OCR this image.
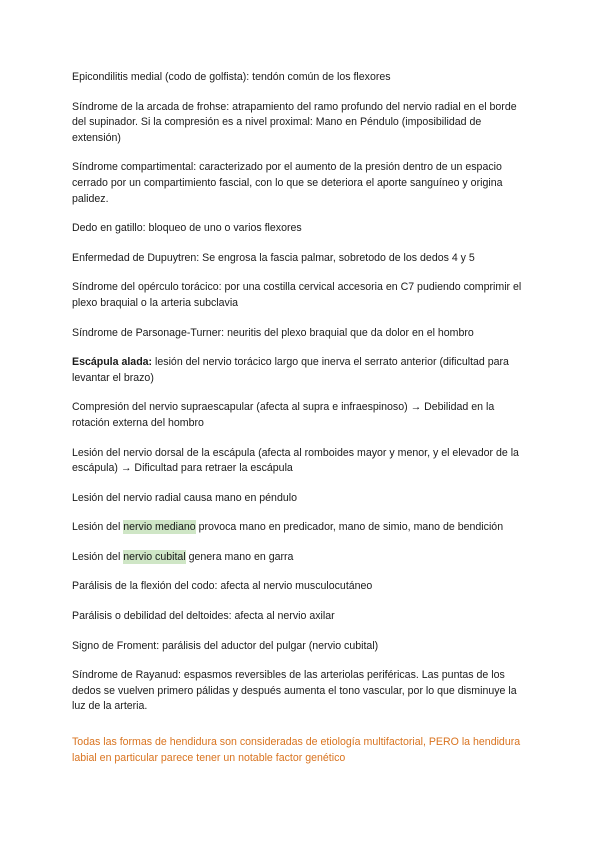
Epicondilitis medial (codo de golfista): tendón común de los flexores

Síndrome de la arcada de frohse: atrapamiento del ramo profundo del nervio radial en el borde del supinador. Si la compresión es a nivel proximal: Mano en Péndulo (imposibilidad de extensión)

Síndrome compartimental: caracterizado por el aumento de la presión dentro de un espacio cerrado por un compartimiento fascial, con lo que se deteriora el aporte sanguíneo y origina palidez.

Dedo en gatillo: bloqueo de uno o varios flexores

Enfermedad de Dupuytren: Se engrosa la fascia palmar, sobretodo de los dedos 4 y 5

Síndrome del opérculo torácico: por una costilla cervical accesoria en C7 pudiendo comprimir el plexo braquial o la arteria subclavia

Síndrome de Parsonage-Turner: neuritis del plexo braquial que da dolor en el hombro

Escápula alada: lesión del nervio torácico largo que inerva el serrato anterior (dificultad para levantar el brazo)

Compresión del nervio supraescapular (afecta al supra e infraespinoso) → Debilidad en la rotación externa del hombro

Lesión del nervio dorsal de la escápula (afecta al romboides mayor y menor, y el elevador de la escápula) → Dificultad para retraer la escápula

Lesión del nervio radial causa mano en péndulo

Lesión del nervio mediano provoca mano en predicador, mano de simio, mano de bendición

Lesión del nervio cubital genera mano en garra

Parálisis de la flexión del codo: afecta al nervio musculocutáneo

Parálisis o debilidad del deltoides: afecta al nervio axilar

Signo de Froment: parálisis del aductor del pulgar (nervio cubital)

Síndrome de Rayanud: espasmos reversibles de las arteriolas periféricas. Las puntas de los dedos se vuelven primero pálidas y después aumenta el tono vascular, por lo que disminuye la luz de la arteria.

Todas las formas de hendidura son consideradas de etiología multifactorial, PERO la hendidura labial en particular parece tener un notable factor genético
